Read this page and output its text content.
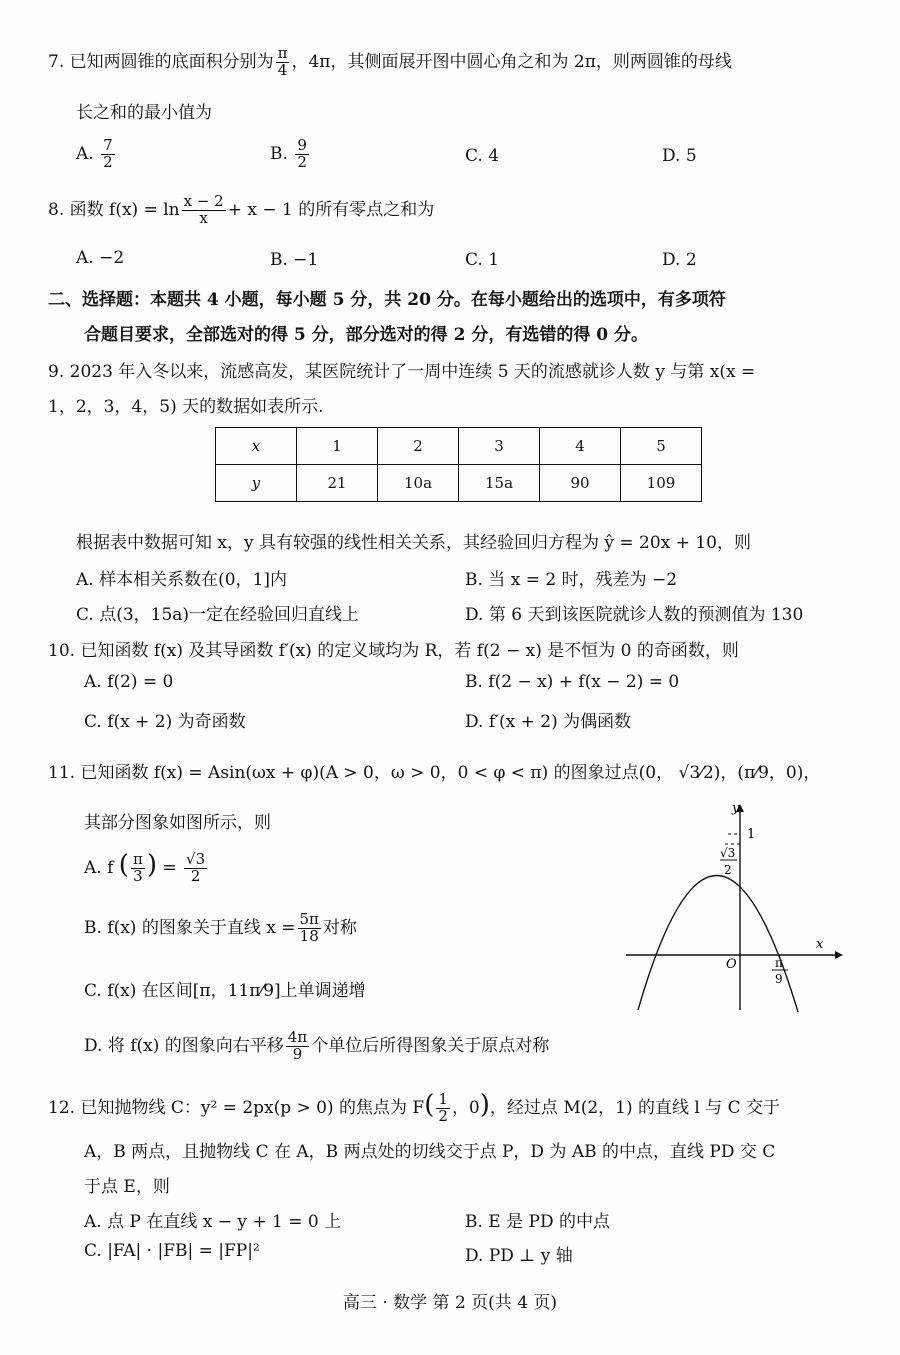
7. 已知两圆锥的底面积分别为 $\frac{\pi}{4}$ ，4π，其侧面展开图中圆心角之和为 2π，则两圆锥的母线
长之和的最小值为
A. $\frac{7}{2}$	B. $\frac{9}{2}$	C. 4	D. 5
8. 函数 $f(x) = \ln \frac{x - 2}{x} + x - 1$ 的所有零点之和为
A. −2	B. −1	C. 1	D. 2
二、选择题：本题共 4 小题，每小题 5 分，共 20 分。在每小题给出的选项中，有多项符
合题目要求，全部选对的得 5 分，部分选对的得 2 分，有选错的得 0 分。
9. 2023 年入冬以来，流感高发，某医院统计了一周中连续 5 天的流感就诊人数 y 与第 x(x =
1，2，3，4，5) 天的数据如表所示.
x	1	2	3	4	5
y	21	10a	15a	90	109
根据表中数据可知 x，y 具有较强的线性相关关系，其经验回归方程为 ŷ = 20x + 10，则
A. 样本相关系数在(0，1]内	B. 当 x = 2 时，残差为 −2
C. 点(3，15a)一定在经验回归直线上	D. 第 6 天到该医院就诊人数的预测值为 130
10. 已知函数 f(x) 及其导函数 f′(x) 的定义域均为 R，若 f(2 − x) 是不恒为 0 的奇函数，则
A. f(2) = 0	B. f(2 − x) + f(x − 2) = 0
C. f(x + 2) 为奇函数	D. f′(x + 2) 为偶函数
11. 已知函数 f(x) = Asin(ωx + φ)(A > 0，ω > 0，0 < φ < π) 的图象过点(0， √3⁄2)，(π⁄9，0)，
其部分图象如图所示，则
A. f ( $\frac{\pi}{3}$ ) = $\frac{√3}{2}$
B. f(x) 的图象关于直线 $x = \frac{5\pi}{18}$ 对称
C. f(x) 在区间[π，11π⁄9]上单调递增
D. 将 f(x) 的图象向右平移 $\frac{4\pi}{9}$ 个单位后所得图象关于原点对称
y
x
O
1
√3
2
π
9
12. 已知抛物线 C：y² = 2px(p > 0) 的焦点为 $F( \frac{1}{2}$ ，0)，经过点 M(2，1) 的直线 l 与 C 交于
A，B 两点，且抛物线 C 在 A，B 两点处的切线交于点 P，D 为 AB 的中点，直线 PD 交 C
于点 E，则
A. 点 P 在直线 x − y + 1 = 0 上	B. E 是 PD 的中点
C. |FA| · |FB| = |FP|²	D. PD ⊥ y 轴
高三 · 数学 第 2 页(共 4 页)
